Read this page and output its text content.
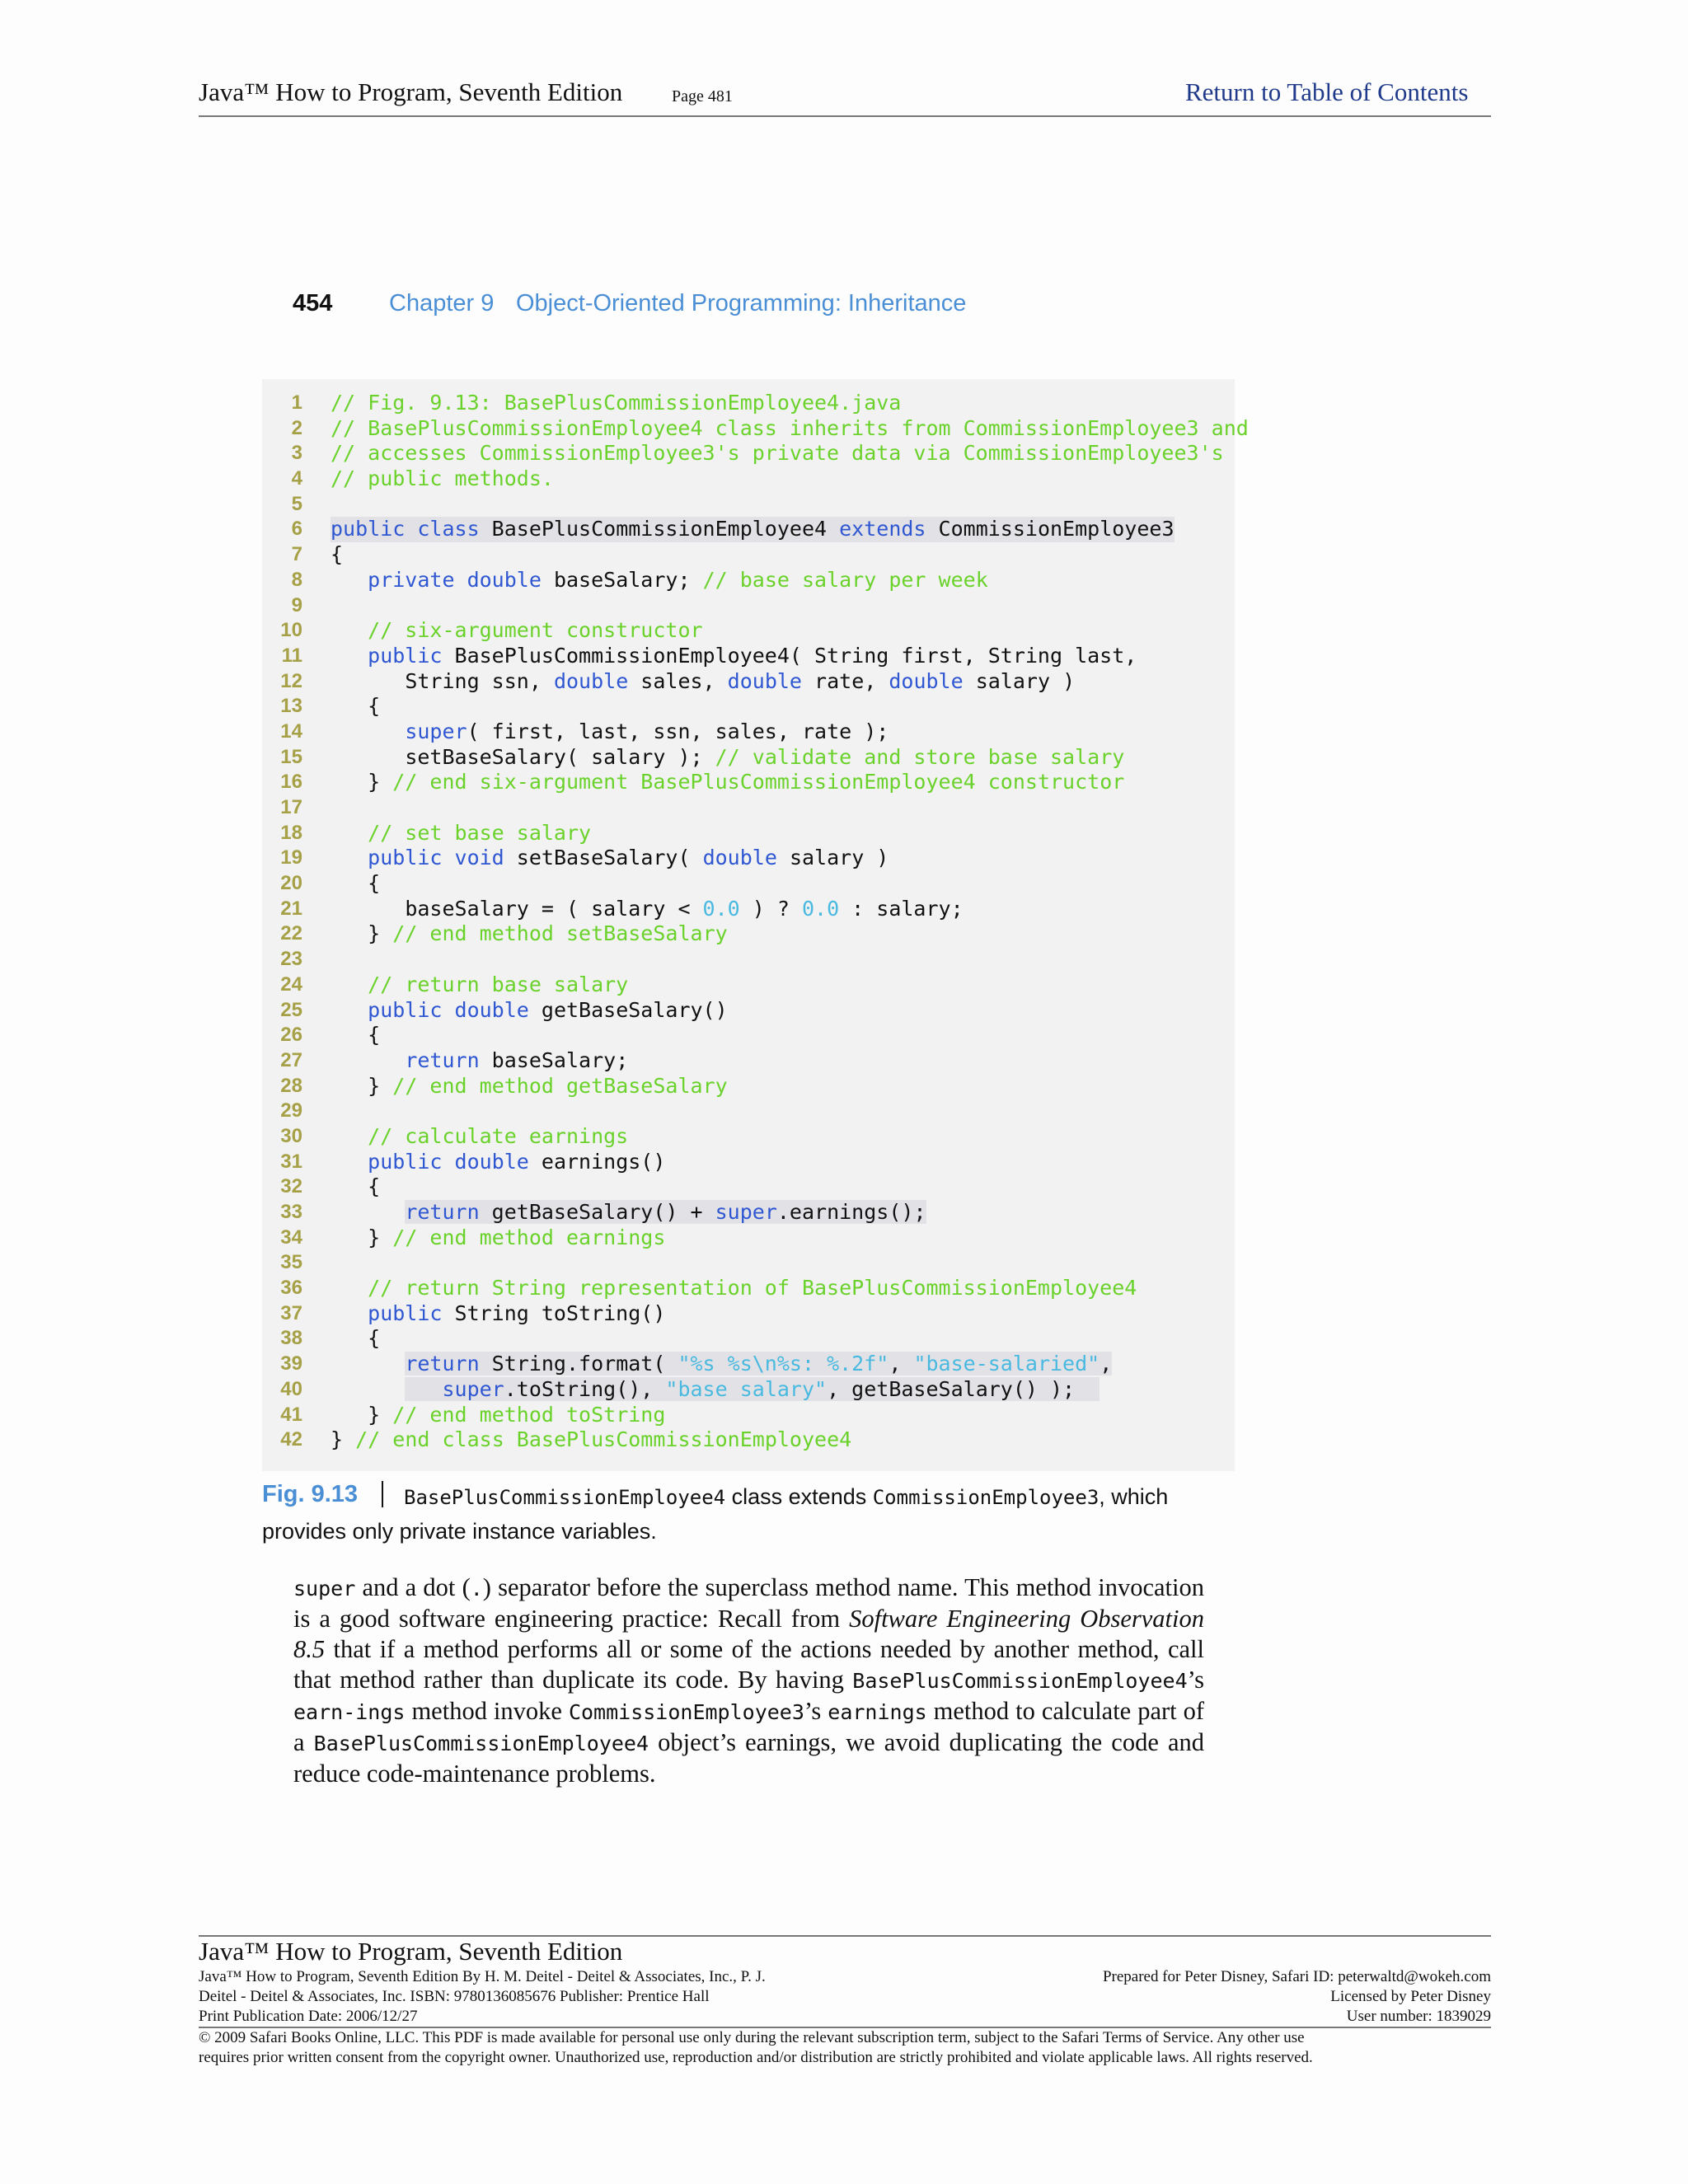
Java™ How to Program, Seventh Edition	Page 481	Return to Table of Contents
454 Chapter 9 Object-Oriented Programming: Inheritance
1 // Fig. 9.13: BasePlusCommissionEmployee4.java
2 // BasePlusCommissionEmployee4 class inherits from CommissionEmployee3 and
3 // accesses CommissionEmployee3's private data via CommissionEmployee3's
4 // public methods.
5
6 public class BasePlusCommissionEmployee4 extends CommissionEmployee3
7 {
8	private double baseSalary; // base salary per week
9
10	// six-argument constructor
11	public BasePlusCommissionEmployee4( String first, String last,
12	String ssn, double sales, double rate, double salary )
13	{
14	super( first, last, ssn, sales, rate );
15	setBaseSalary( salary ); // validate and store base salary
16	} // end six-argument BasePlusCommissionEmployee4 constructor
17
18	// set base salary
19	public void setBaseSalary( double salary )
20	{
21	baseSalary = ( salary < 0.0 ) ? 0.0 : salary;
22	} // end method setBaseSalary
23
24	// return base salary
25	public double getBaseSalary()
26	{
27	return baseSalary;
28	} // end method getBaseSalary
29
30	// calculate earnings
31	public double earnings()
32	{
33	return getBaseSalary() + super.earnings();
34	} // end method earnings
35
36	// return String representation of BasePlusCommissionEmployee4
37	public String toString()
38	{
39	return String.format( "%s %s\n%s: %.2f", "base-salaried",
40	super.toString(), "base salary", getBaseSalary() );
41	} // end method toString
42 } // end class BasePlusCommissionEmployee4
Fig. 9.13 BasePlusCommissionEmployee4 class extends CommissionEmployee3, which
provides only private instance variables.
super and a dot (.) separator before the superclass method name. This method invocation is a good software engineering practice: Recall from Software Engineering Observation 8.5 that if a method performs all or some of the actions needed by another method, call that method rather than duplicate its code. By having BasePlusCommissionEmployee4’s earn-ings method invoke CommissionEmployee3’s earnings method to calculate part of a BasePlusCommissionEmployee4 object’s earnings, we avoid duplicating the code and reduce code-maintenance problems.
Java™ How to Program, Seventh Edition
Java™ How to Program, Seventh Edition By H. M. Deitel - Deitel & Associates, Inc., P. J.
Deitel - Deitel & Associates, Inc. ISBN: 9780136085676 Publisher: Prentice Hall
Print Publication Date: 2006/12/27
Prepared for Peter Disney, Safari ID: peterwaltd@wokeh.com
Licensed by Peter Disney
User number: 1839029
© 2009 Safari Books Online, LLC. This PDF is made available for personal use only during the relevant subscription term, subject to the Safari Terms of Service. Any other use
requires prior written consent from the copyright owner. Unauthorized use, reproduction and/or distribution are strictly prohibited and violate applicable laws. All rights reserved.
